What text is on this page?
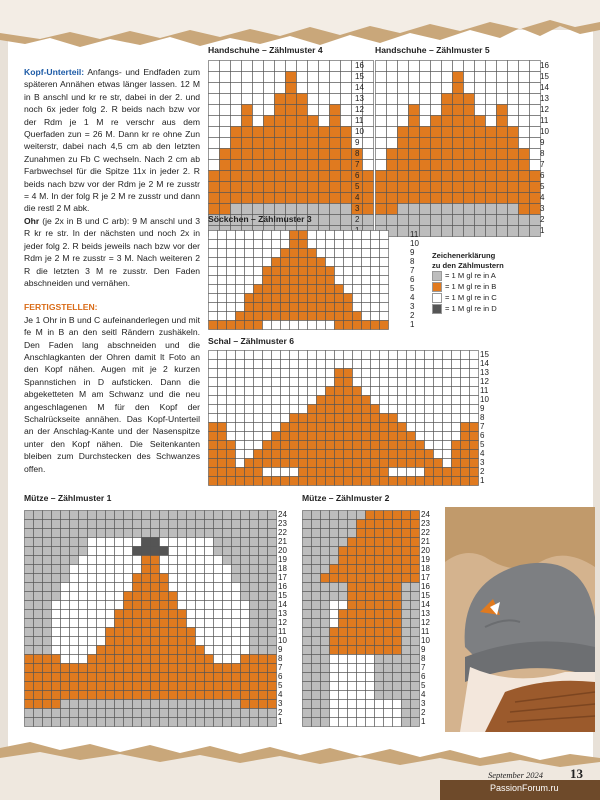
Kopf-Unterteil: Anfangs- und Endfaden zum späteren Annähen etwas länger lassen. 12 M in B anschl und kr re str, dabei in der 2. und noch 6x jeder folg 2. R beids nach bzw vor der Rdm je 1 M re verschr aus dem Querfaden zun = 26 M. Dann kr re ohne Zun weiterstr, dabei nach 4,5 cm ab den letzten Zunahmen zu Fb C wechseln. Nach 2 cm ab Farbwechsel für die Spitze 11x in jeder 2. R beids nach bzw vor der Rdm je 2 M re zusstr = 4 M. In der folg R je 2 M re zusstr und dann die restl 2 M abk.

Ohr (je 2x in B und C arb): 9 M anschl und 3 R kr re str. In der nächsten und noch 2x in jeder folg 2. R beids jeweils nach bzw vor der Rdm je 2 M re zusstr = 3 M. Nach weiteren 2 R die letzten 3 M re zusstr. Den Faden abschneiden und vernähen.

FERTIGSTELLEN:

Je 1 Ohr in B und C aufeinanderlegen und mit fe M in B an den seitl Rändern zushäkeln. Den Faden lang abschneiden und die Anschlagkanten der Ohren damit lt Foto an den Kopf nähen. Augen mit je 2 kurzen Spannstichen in D aufsticken. Dann die abgeketteten M am Schwanz und die neu angeschlagenen M für den Kopf der Schalrückseite annähen. Das Kopf-Unterteil an der Anschlag-Kante und der Nasenspitze unter den Kopf nähen. Die Seitenkanten bleiben zum Durchstecken des Schwanzes offen.

Handschuhe – Zählmuster 4
16
15
14
13
12
11
10
9
8
7
6
5
4
3
2
Handschuhe – Zählmuster 5
16
15
14
13
12
11
10
9
8
7
6
5
4
3
2
1
Söckchen – Zählmuster 3
11
10
9
8
7
6
5
4
3
2
1
Zeichenerklärung
zu den Zählmustern
= 1 M gl re in A
= 1 M gl re in B
= 1 M gl re in C
= 1 M gl re in D
Schal – Zählmuster 6
15
14
13
12
11
10
9
8
7
6
5
4
3
2
1
Mütze – Zählmuster 1
24
23
22
21
20
19
18
17
16
15
14
13
12
11
10
9
8
7
6
5
4
3
2
1
Mütze – Zählmuster 2
24
23
22
21
20
19
18
17
16
15
14
13
12
11
10
9
8
7
6
5
4
3
2
1
September 2024 13
PassionForum.ru
